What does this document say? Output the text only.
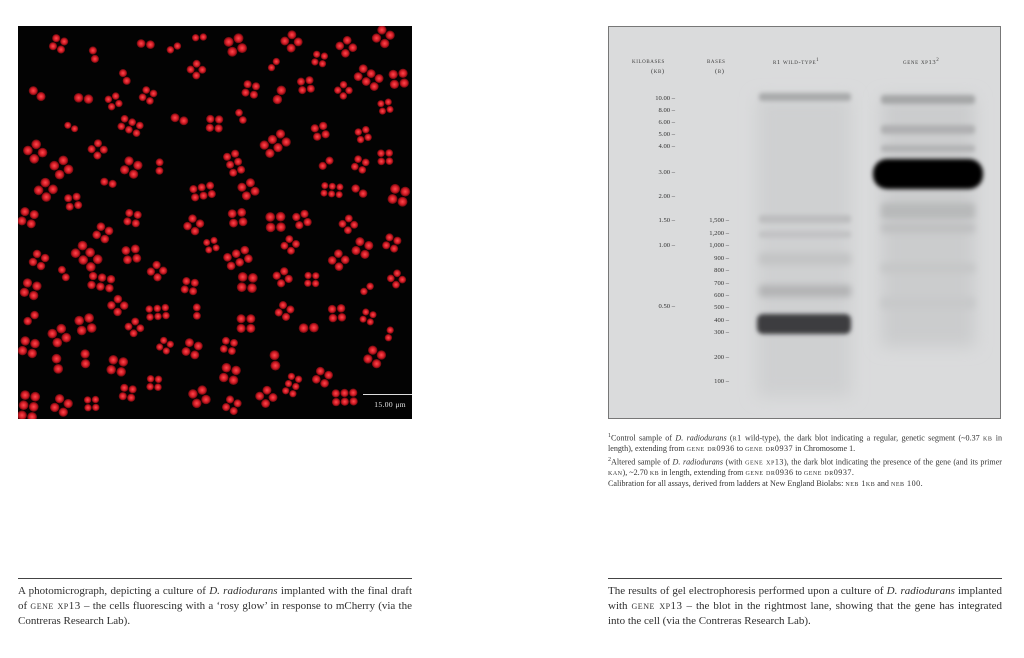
15.00 μm
kilobases
(kb)
bases
(b)
r1 wild-type$^1$	gene $xp13^2$
10.00 –
8.00 –
6.00 –
5.00 –
4.00 –
3.00 –
2.00 –
1.50 –
1.00 –
0.50 –
1,500 –
1,200 –
1,000 –
900 –
800 –
700 –
600 –
500 –
400 –
300 –
200 –
100 –

$^1$Control sample of D. radiodurans (r1 wild-type), the dark blot indicating a regular, genetic segment (~0.37 kb in length), extending from gene dr0936 to gene dr0937 in Chromosome 1.

$^2$Altered sample of D. radiodurans (with gene xp13), the dark blot indicating the presence of the gene (and its primer kan), ~2.70 kb in length, extending from gene dr0936 to gene dr0937.

Calibration for all assays, derived from ladders at New England Biolabs: neb 1kb and neb 100.

A photomicrograph, depicting a culture of D. radiodurans implanted with the final draft of gene xp13 – the cells fluorescing with a ‘rosy glow’ in response to mCherry (via the Contreras Research Lab).
The results of gel electrophoresis performed upon a culture of D. radiodurans implanted with gene xp13 – the blot in the rightmost lane, showing that the gene has integrated into the cell (via the Contreras Research Lab).
